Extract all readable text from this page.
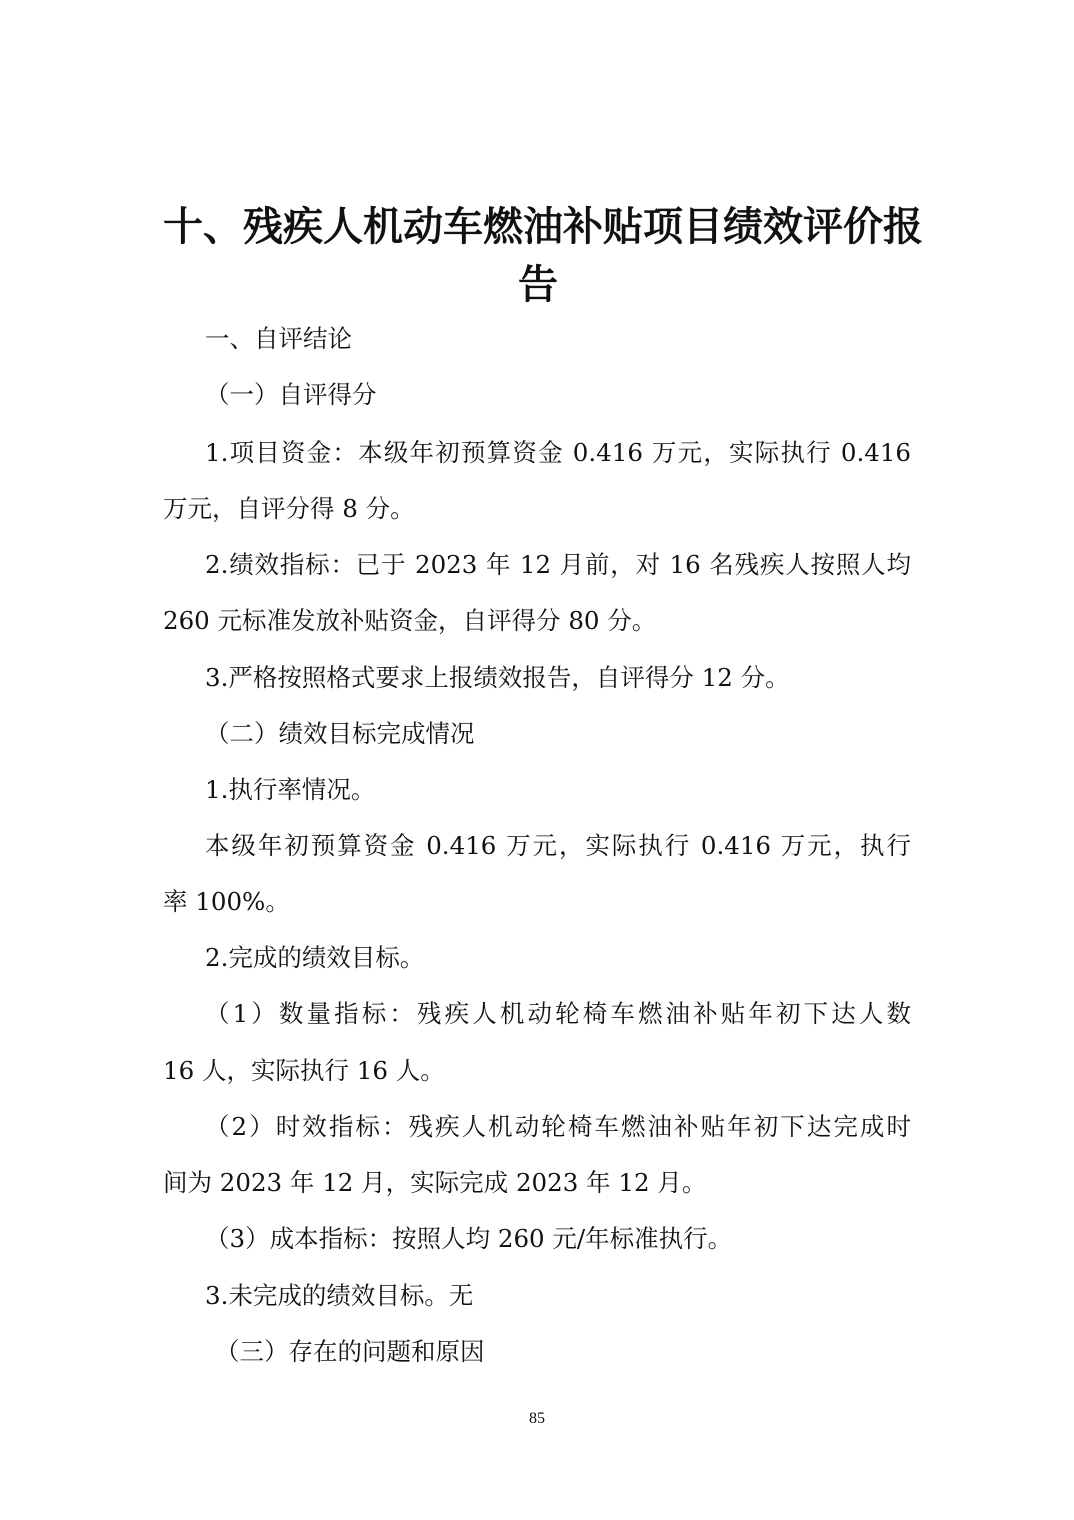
十、残疾人机动车燃油补贴项目绩效评价报
告

一、自评结论

（一）自评得分

1.项目资金：本级年初预算资金 0.416 万元，实际执行 0.416

万元，自评分得 8 分。

2.绩效指标：已于 2023 年 12 月前，对 16 名残疾人按照人均

260 元标准发放补贴资金，自评得分 80 分。

3.严格按照格式要求上报绩效报告，自评得分 12 分。

（二）绩效目标完成情况

1.执行率情况。

本级年初预算资金 0.416 万元，实际执行 0.416 万元，执行

率 100%。

2.完成的绩效目标。

（1）数量指标：残疾人机动轮椅车燃油补贴年初下达人数

16 人，实际执行 16 人。

（2）时效指标：残疾人机动轮椅车燃油补贴年初下达完成时

间为 2023 年 12 月，实际完成 2023 年 12 月。

（3）成本指标：按照人均 260 元/年标准执行。

3.未完成的绩效目标。无

（三）存在的问题和原因

85
